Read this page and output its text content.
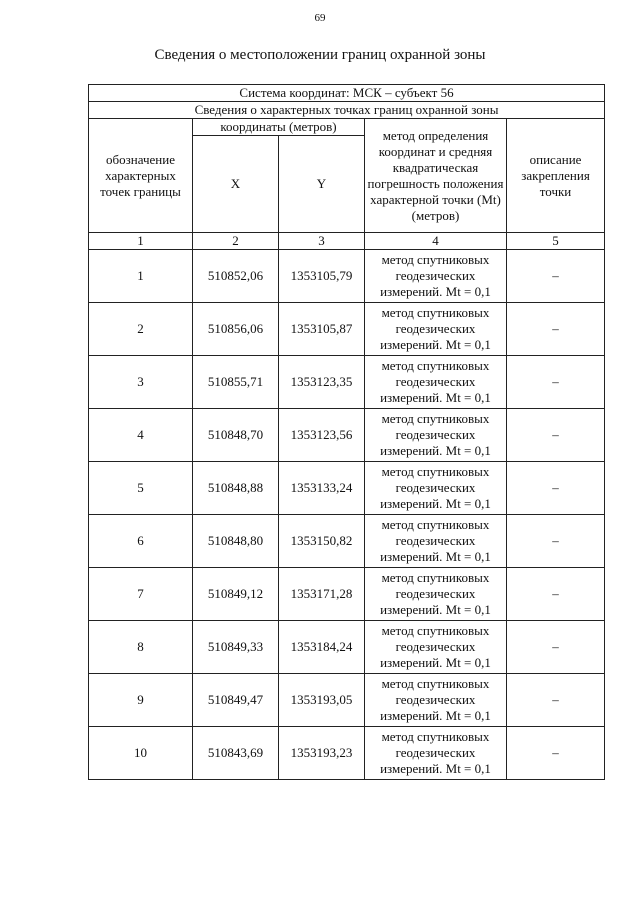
69
Сведения о местоположении границ охранной зоны
Система координат: МСК – субъект 56				
Сведения о характерных точках границ охранной зоны				
обозначение характерных точек границы	координаты (метров)		метод определения координат и средняя квадратическая погрешность положения характерной точки (Mt) (метров)	описание закрепления точки
	X	Y		
1	2	3	4	5
1	510852,06	1353105,79	метод спутниковых геодезических измерений. Mt = 0,1	–
2	510856,06	1353105,87	метод спутниковых геодезических измерений. Mt = 0,1	–
3	510855,71	1353123,35	метод спутниковых геодезических измерений. Mt = 0,1	–
4	510848,70	1353123,56	метод спутниковых геодезических измерений. Mt = 0,1	–
5	510848,88	1353133,24	метод спутниковых геодезических измерений. Mt = 0,1	–
6	510848,80	1353150,82	метод спутниковых геодезических измерений. Mt = 0,1	–
7	510849,12	1353171,28	метод спутниковых геодезических измерений. Mt = 0,1	–
8	510849,33	1353184,24	метод спутниковых геодезических измерений. Mt = 0,1	–
9	510849,47	1353193,05	метод спутниковых геодезических измерений. Mt = 0,1	–
10	510843,69	1353193,23	метод спутниковых геодезических измерений. Mt = 0,1	–
